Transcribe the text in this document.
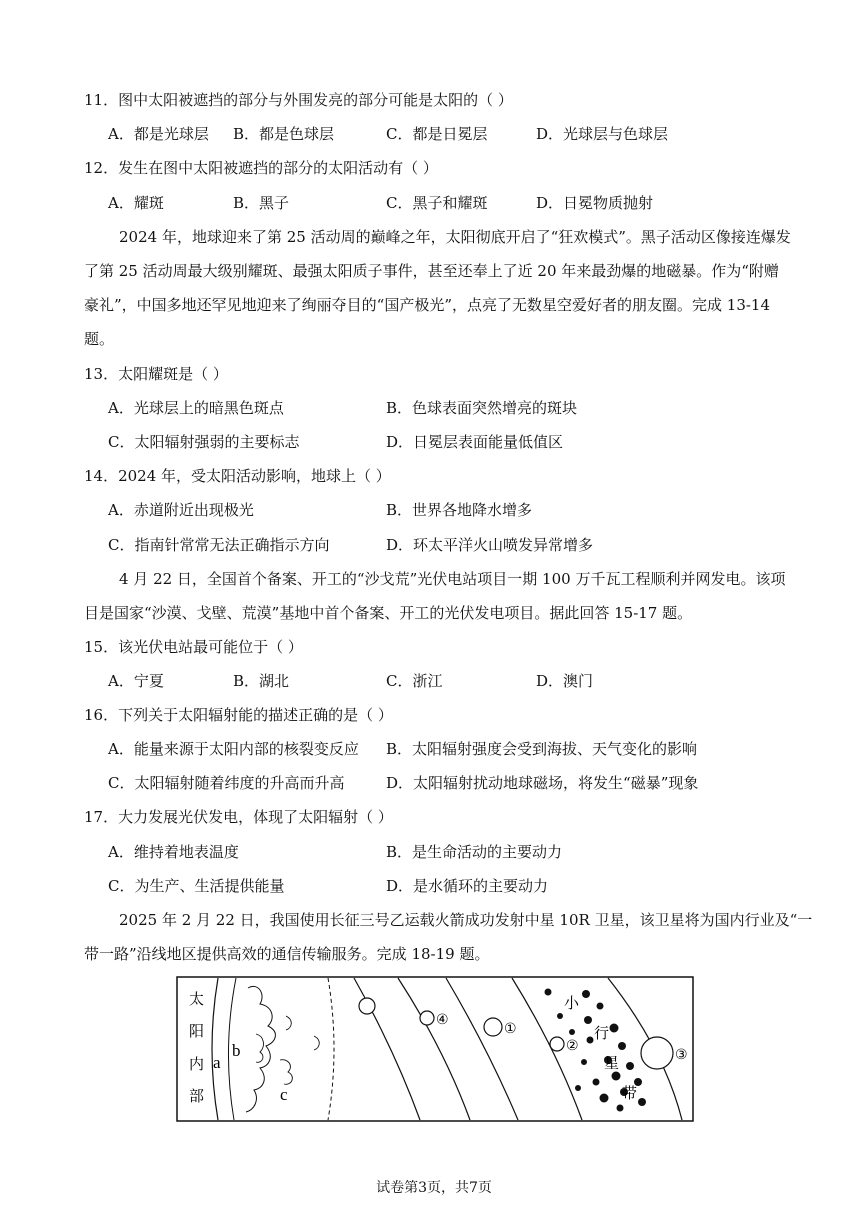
11．图中太阳被遮挡的部分与外围发亮的部分可能是太阳的（ ）
A．都是光球层 B．都是色球层	C．都是日冕层	D．光球层与色球层
12．发生在图中太阳被遮挡的部分的太阳活动有（ ）
A．耀斑	B．黑子	C．黑子和耀斑	D．日冕物质抛射
2024 年，地球迎来了第 25 活动周的巅峰之年，太阳彻底开启了“狂欢模式”。黑子活动区像接连爆发
了第 25 活动周最大级别耀斑、最强太阳质子事件，甚至还奉上了近 20 年来最劲爆的地磁暴。作为“附赠
豪礼”，中国多地还罕见地迎来了绚丽夺目的“国产极光”，点亮了无数星空爱好者的朋友圈。完成 13-14
题。
13．太阳耀斑是（ ）
A．光球层上的暗黑色斑点	B．色球表面突然增亮的斑块
C．太阳辐射强弱的主要标志	D．日冕层表面能量低值区
14．2024 年，受太阳活动影响，地球上（ ）
A．赤道附近出现极光	B．世界各地降水增多
C．指南针常常无法正确指示方向	D．环太平洋火山喷发异常增多
4 月 22 日，全国首个备案、开工的“沙戈荒”光伏电站项目一期 100 万千瓦工程顺利并网发电。该项
目是国家“沙漠、戈壁、荒漠”基地中首个备案、开工的光伏发电项目。据此回答 15-17 题。
15．该光伏电站最可能位于（ ）
A．宁夏	B．湖北	C．浙江	D．澳门
16．下列关于太阳辐射能的描述正确的是（ ）
A．能量来源于太阳内部的核裂变反应 B．太阳辐射强度会受到海拔、天气变化的影响
C．太阳辐射随着纬度的升高而升高	D．太阳辐射扰动地球磁场，将发生“磁暴”现象
17．大力发展光伏发电，体现了太阳辐射（ ）
A．维持着地表温度	B．是生命活动的主要动力
C．为生产、生活提供能量	D．是水循环的主要动力
2025 年 2 月 22 日，我国使用长征三号乙运载火箭成功发射中星 10R 卫星，该卫星将为国内行业及“一
带一路”沿线地区提供高效的通信传输服务。完成 18-19 题。
太
阳
内
部
a
b
c
④
①
②
③
小
行
星
带
试卷第3页，共7页
